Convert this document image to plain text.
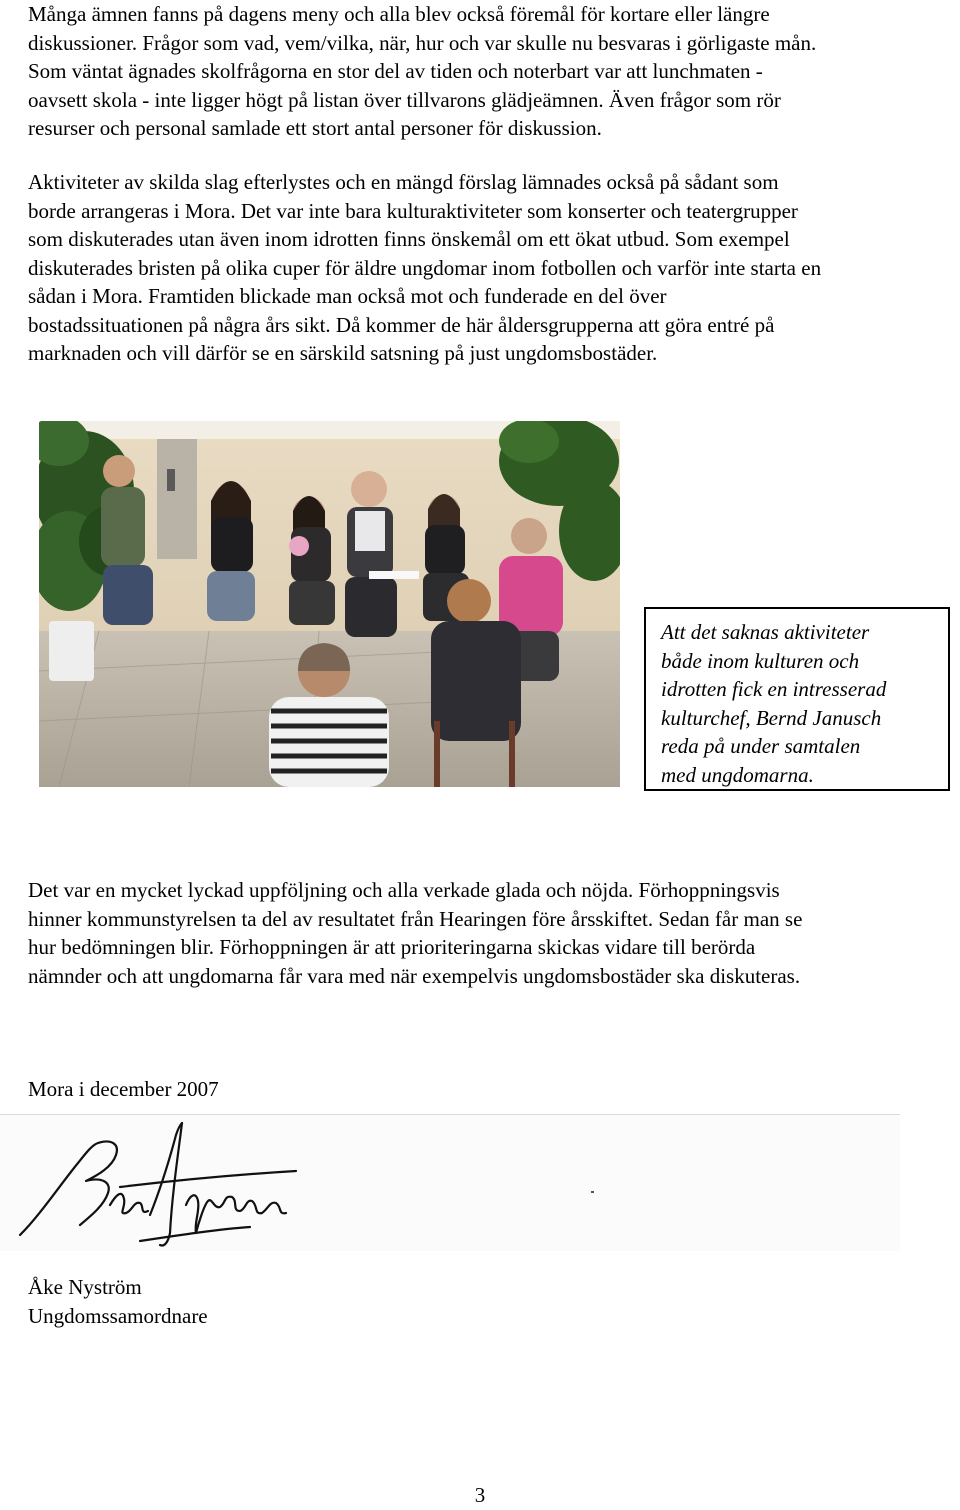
Många ämnen fanns på dagens meny och alla blev också föremål för kortare eller längre
diskussioner. Frågor som vad, vem/vilka, när, hur och var skulle nu besvaras i görligaste mån.
Som väntat ägnades skolfrågorna en stor del av tiden och noterbart var att lunchmaten -
oavsett skola - inte ligger högt på listan över tillvarons glädjeämnen. Även frågor som rör
resurser och personal samlade ett stort antal personer för diskussion.

Aktiviteter av skilda slag efterlystes och en mängd förslag lämnades också på sådant som
borde arrangeras i Mora. Det var inte bara kulturaktiviteter som konserter och teatergrupper
som diskuterades utan även inom idrotten finns önskemål om ett ökat utbud. Som exempel
diskuterades bristen på olika cuper för äldre ungdomar inom fotbollen och varför inte starta en
sådan i Mora. Framtiden blickade man också mot och funderade en del över
bostadssituationen på några års sikt. Då kommer de här åldersgrupperna att göra entré på
marknaden och vill därför se en särskild satsning på just ungdomsbostäder.

Att det saknas aktiviteter
både inom kulturen och
idrotten fick en intresserad
kulturchef, Bernd Janusch
reda på under samtalen
med ungdomarna.

Det var en mycket lyckad uppföljning och alla verkade glada och nöjda. Förhoppningsvis
hinner kommunstyrelsen ta del av resultatet från Hearingen före årsskiftet. Sedan får man se
hur bedömningen blir. Förhoppningen är att prioriteringarna skickas vidare till berörda
nämnder och att ungdomarna får vara med när exempelvis ungdomsbostäder ska diskuteras.

Mora i december 2007
Åke Nyström
Ungdomssamordnare
3
